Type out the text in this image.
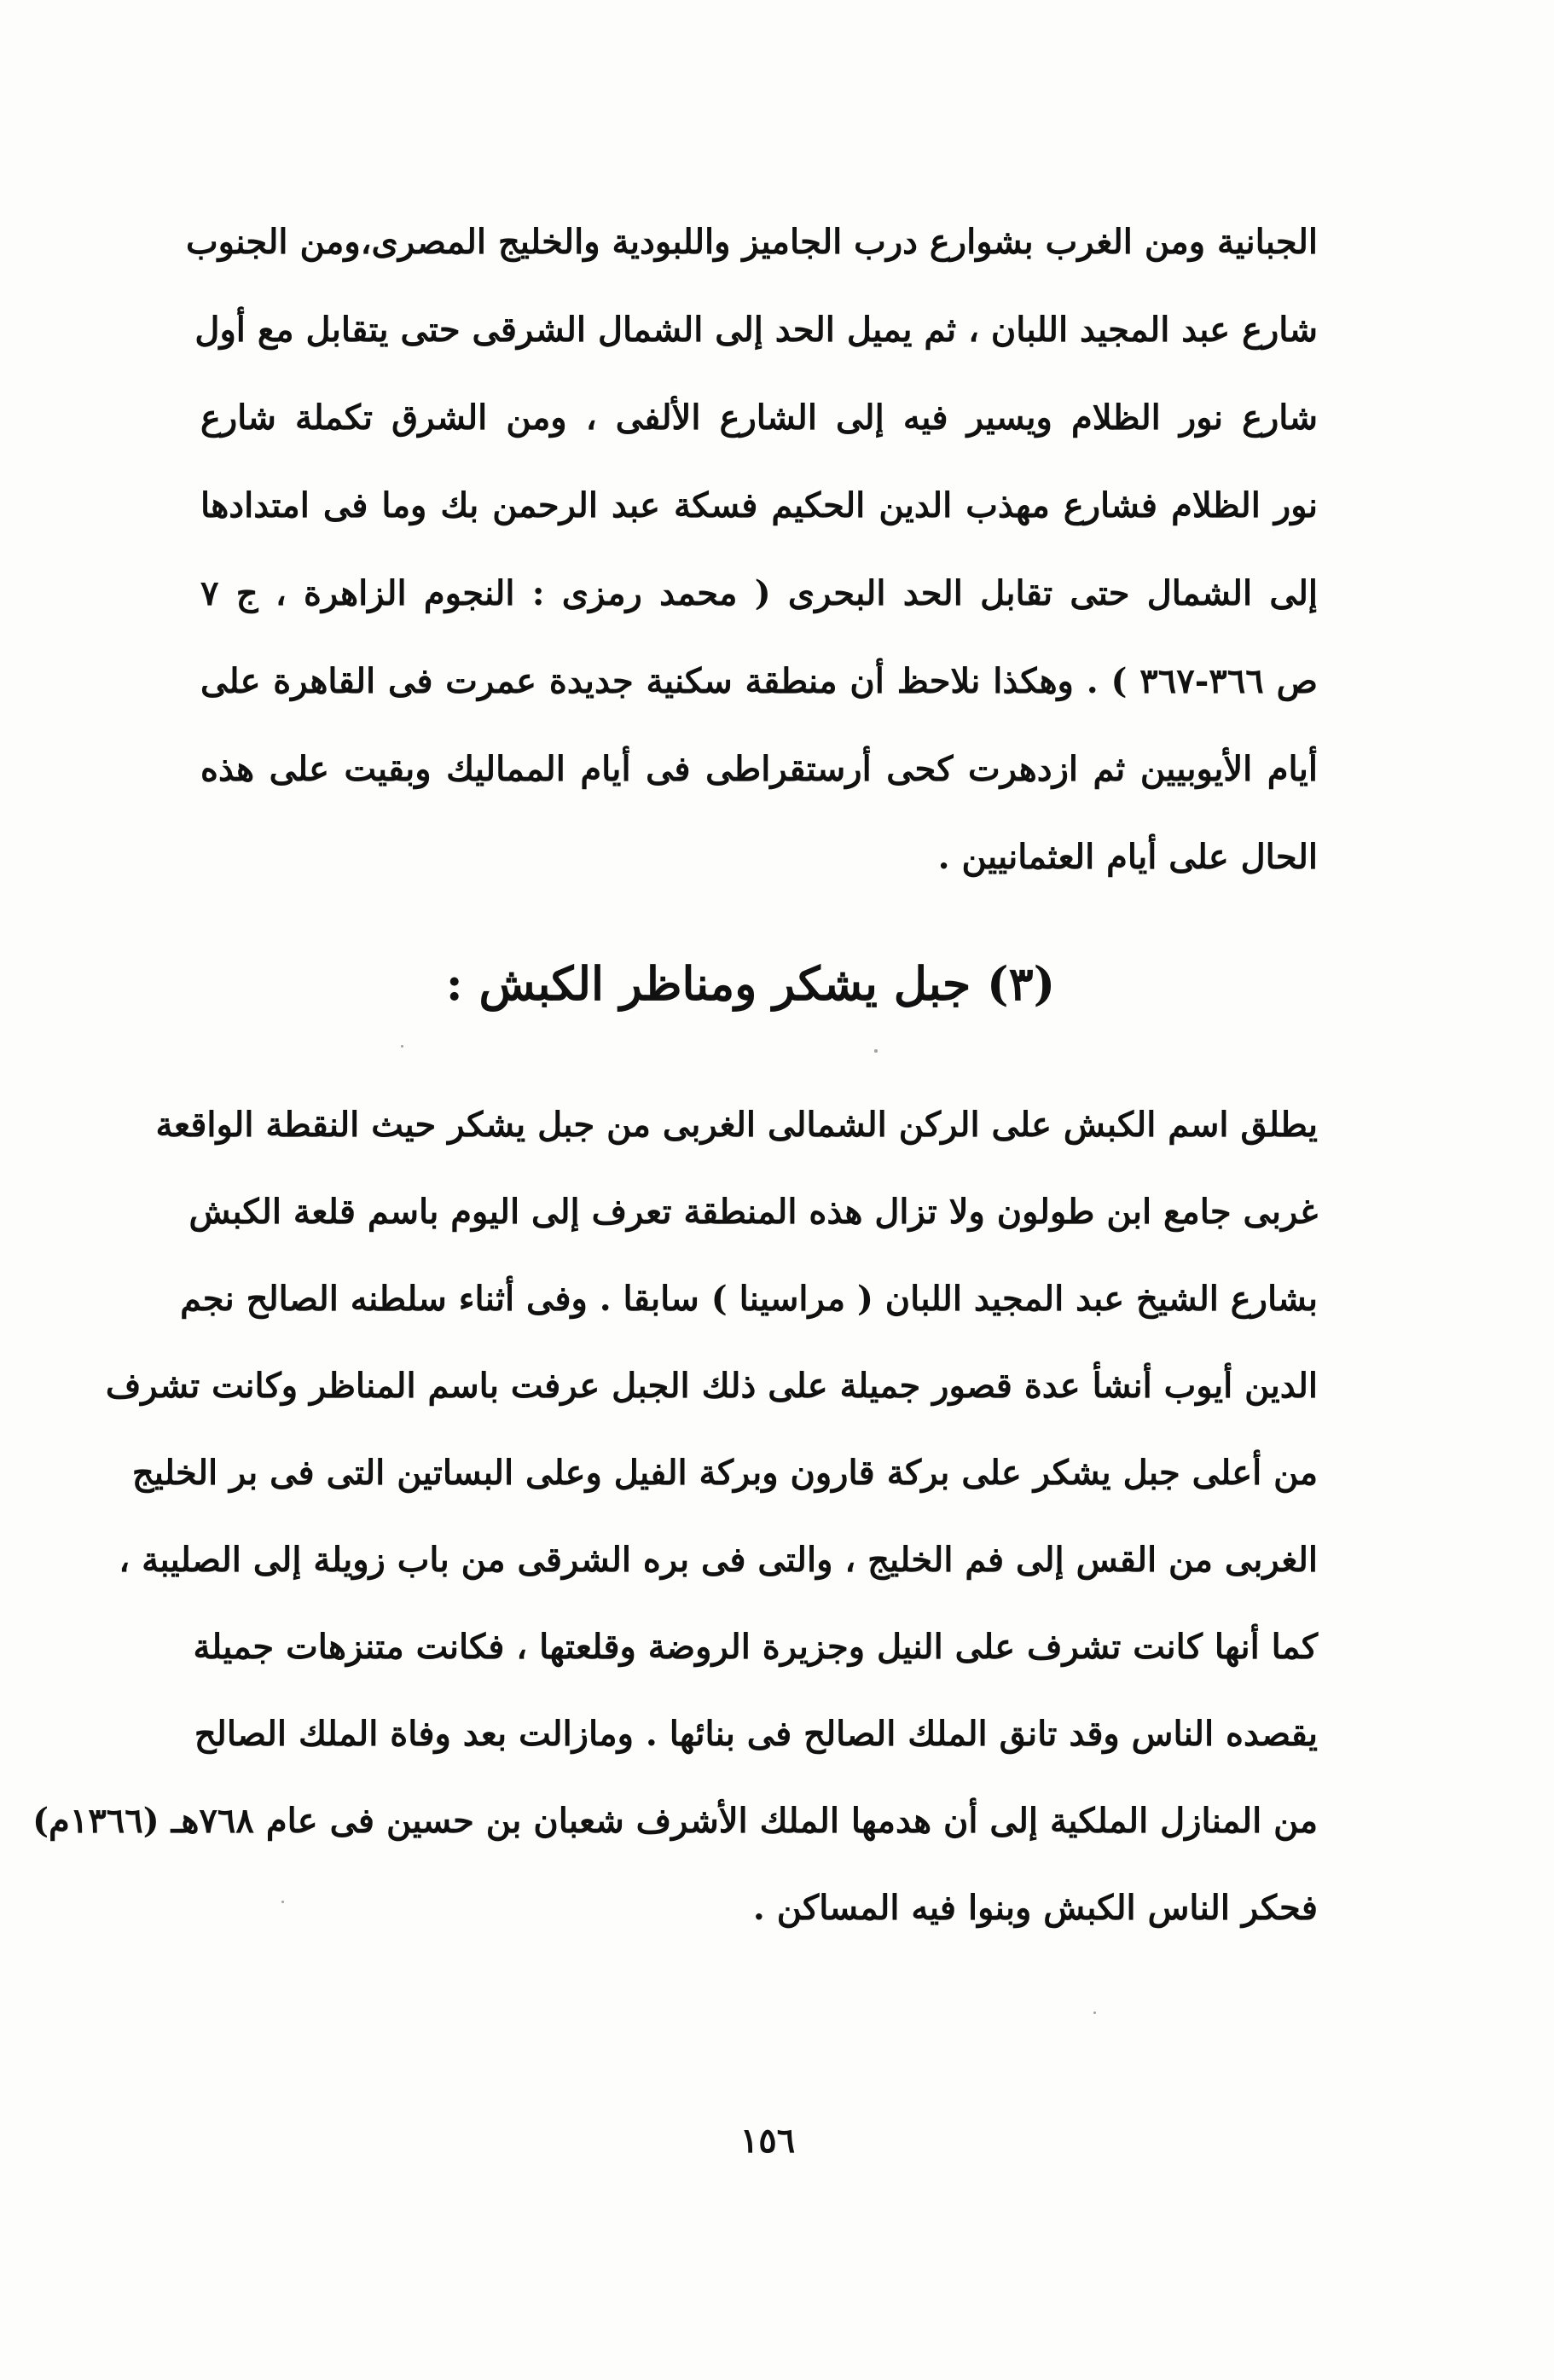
الجبانية ومن الغرب بشوارع درب الجاميز واللبودية والخليج المصرى،ومن الجنوب
شارع عبد المجيد اللبان ، ثم يميل الحد إلى الشمال الشرقى حتى يتقابل مع أول
شارع نور الظلام ويسير فيه إلى الشارع الألفى ، ومن الشرق تكملة شارع
نور الظلام فشارع مهذب الدين الحكيم فسكة عبد الرحمن بك وما فى امتدادها
إلى الشمال حتى تقابل الحد البحرى ( محمد رمزى : النجوم الزاهرة ، ج ٧
ص ٣٦٦-٣٦٧ ) . وهكذا نلاحظ أن منطقة سكنية جديدة عمرت فى القاهرة على
أيام الأيوبيين ثم ازدهرت كحى أرستقراطى فى أيام المماليك وبقيت على هذه
الحال على أيام العثمانيين .
(٣) جبل يشكر ومناظر الكبش :
يطلق اسم الكبش على الركن الشمالى الغربى من جبل يشكر حيث النقطة الواقعة
غربى جامع ابن طولون ولا تزال هذه المنطقة تعرف إلى اليوم باسم قلعة الكبش
بشارع الشيخ عبد المجيد اللبان ( مراسينا ) سابقا . وفى أثناء سلطنه الصالح نجم
الدين أيوب أنشأ عدة قصور جميلة على ذلك الجبل عرفت باسم المناظر وكانت تشرف
من أعلى جبل يشكر على بركة قارون وبركة الفيل وعلى البساتين التى فى بر الخليج
الغربى من القس إلى فم الخليج ، والتى فى بره الشرقى من باب زويلة إلى الصليبة ،
كما أنها كانت تشرف على النيل وجزيرة الروضة وقلعتها ، فكانت متنزهات جميلة
يقصده الناس وقد تانق الملك الصالح فى بنائها . ومازالت بعد وفاة الملك الصالح
من المنازل الملكية إلى أن هدمها الملك الأشرف شعبان بن حسين فى عام ٧٦٨هـ (١٣٦٦م)
فحكر الناس الكبش وبنوا فيه المساكن .
١٥٦
